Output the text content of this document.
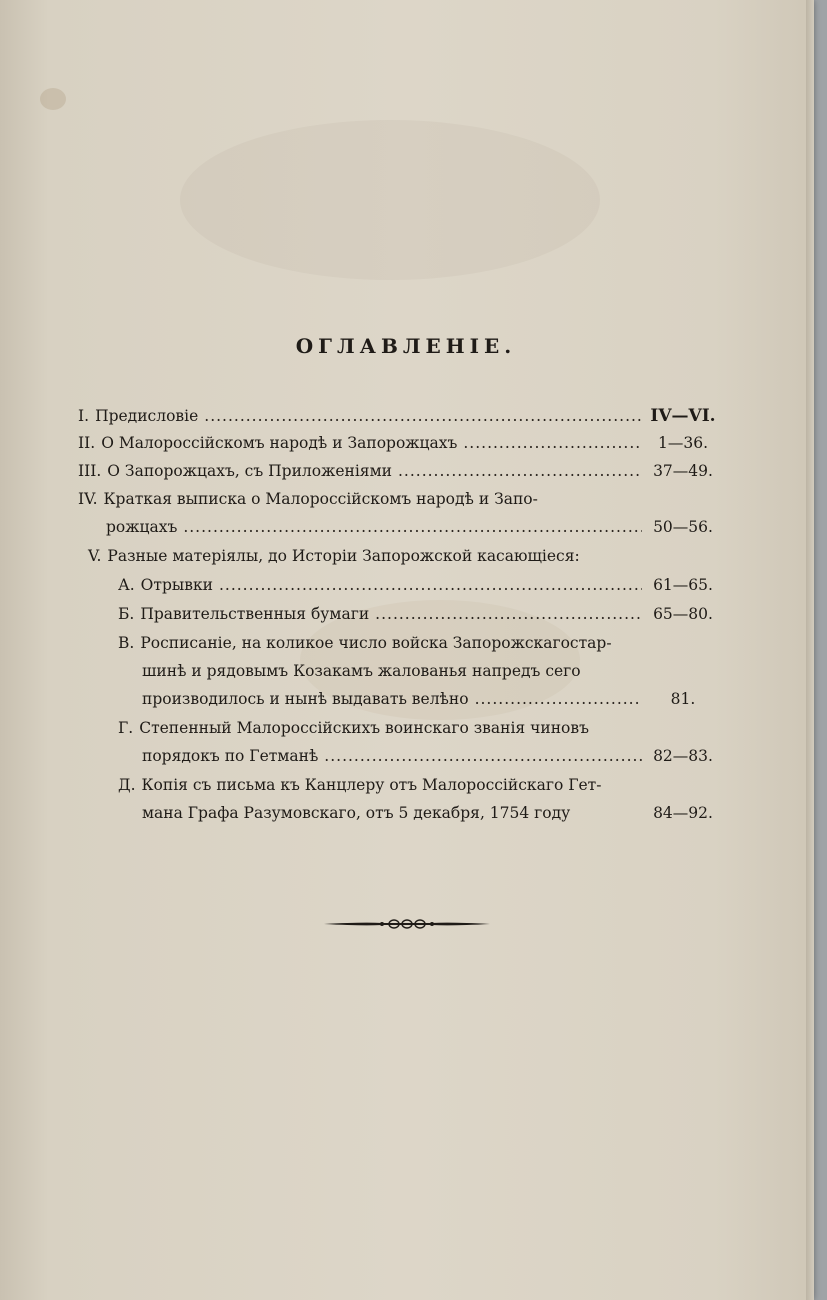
ОГЛАВЛЕНІЕ.
I. Предисловіе .....	IV—VI.
II. О Малороссійскомъ народѣ и Запорожцахъ .....	1—36.
III. О Запорожцахъ, съ Приложеніями .....	37—49.
IV. Краткая выписка о Малороссійскомъ народѣ и Запо-
рожцахъ .....	50—56.
V. Разные матеріялы, до Исторіи Запорожской касающіеся:
А. Отрывки .....	61—65.
Б. Правительственныя бумаги .....	65—80.
В. Росписаніе, на коликое число войска Запорожскагостар-
шинѣ и рядовымъ Козакамъ жалованья напредъ сего
производилось и нынѣ выдавать велѣно .....	81.
Г. Степенный Малороссійскихъ воинскаго званія чиновъ
порядокъ по Гетманѣ .....	82—83.
Д. Копія съ письма къ Канцлеру отъ Малороссійскаго Гет-
мана Графа Разумовскаго, отъ 5 декабря, 1754 году	84—92.
